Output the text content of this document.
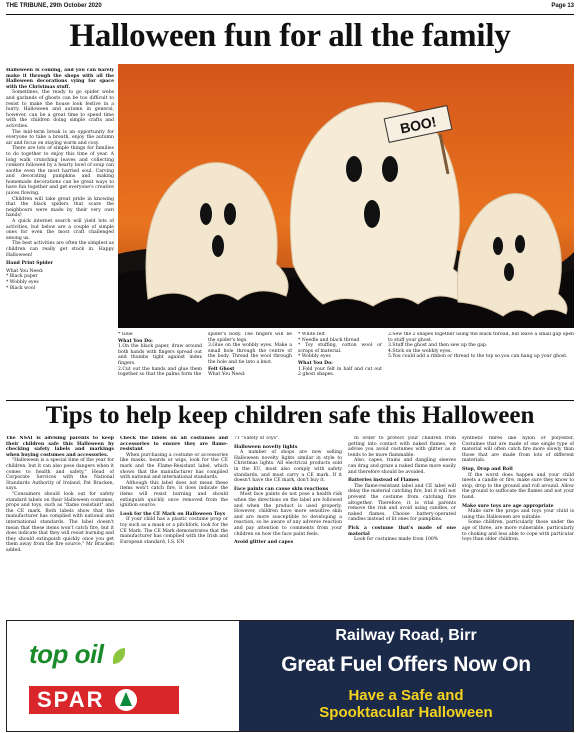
THE TRIBUNE, 29th October 2020	Page 13
Halloween fun for all the family

Halloween is coming, and you can barely make it through the shops with all the Halloween decorations vying for space with the Christmas stuff.

Sometimes, the ready to go spider webs and garlands of ghosts can be too difficult to resist to make the house look festive in a hurry. Halloween and autumn in general, however, can be a great time to spend time with the children doing simple crafts and activities.

The mid-term break is an opportunity for everyone to take a breath, enjoy the autumn air and focus on staying warm and cosy.

There are lots of simple things for families to do together to enjoy this time of year. A long walk crunching leaves and collecting conkers followed by a hearty bowl of soup can soothe even the most harried soul. Carving and decorating pumpkins and making homemade decorations can be great ways to have fun together and get everyone's creative juices flowing.

Children will take great pride in knowing that the black spiders that scare the neighbours were made by their very own hands!

A quick internet search will yield lots of activities, but below are a couple of simple ones for even the most craft challenged among us.

The best activities are often the simplest as children can really get stuck in. Happy Halloween!

Hand Print Spider

What You Need:

* Black paper

* Wobbly eyes

* Black wool

BOO!

* Glue

What You Do:

1.On the black paper, draw around both hands with fingers spread out and thumbs tight against index fingers.

2.Cut out the hands and glue them together so that the palms form the

spider's body. The fingers will be the spider's legs.

3.Glue on the wobbly eyes. Make a small hole through the centre of the body. Thread the wool through the hole and tie into a knot.

Felt Ghost

What You Need:

* White felt

* Needle and black thread

* Toy stuffing, cotton wool or scraps of material.

* Wobbly eyes

What You Do:

1.Fold your felt in half and cut out 2 ghost shapes.

2.Sew the 2 shapes together using the black thread, but leave a small gap open to stuff your ghost.

3.Stuff the ghost and then sew up the gap.

4.Stick on the wobbly eyes.

5.You could add a ribbon or thread to the top so you can hang up your ghost.

Tips to help keep children safe this Halloween

The NSAI is advising parents to keep their children safe this Halloween by checking safety labels and markings when buying costumes and accessories.

"Halloween is a special time of the year for children, but it can also pose dangers when it comes to health and safety," Head of Corporate Services with the National Standards Authority of Ireland, Pat Bracken, says.

"Consumers should look out for safety standard labels on their Halloween costumes, props and toys, such as "flame resistant" and the CE mark. Both labels show that the manufacturer has complied with national and international standards. The label doesn't mean that these items won't catch fire, but it does indicate that they will resist burning and they should extinguish quickly once you get them away from the fire source," Mr Bracken added.

Check the labels on all costumes and accessories to ensure they are flame-resistant

When purchasing a costume or accessories like masks, beards or wigs, look for the CE mark and the Flame-Resistant label, which shows that the manufacturer has complied with national and international standards.

Although this label does not mean these items won't catch fire, it does indicate the items will resist burning and should extinguish quickly once removed from the ignition source.

Look for the CE Mark on Halloween Toys

If your child has a plastic costume prop or toy such as a mask or a pitchfork, look for the CE Mark. The CE Mark demonstrates that the manufacturer has complied with the Irish and European standard, I.S. EN

71 "Safety of Toys".

Halloween novelty lights

A number of shops are now selling Halloween novelty lights similar in style to Christmas lights. All electrical products sold in the EU, must also comply with safety standards, and must carry a CE mark. If it doesn't have the CE mark, don't buy it.

Face paints can cause skin reactions

Most face paints do not pose a health risk when the directions on the label are followed and when the product is used properly. However, children have more sensitive skin and are more susceptible to developing a reaction, so be aware of any adverse reaction and pay attention to comments from your children on how the face paint feels.

Avoid glitter and capes

In order to protect your children from getting into contact with naked flames, we advise you avoid costumes with glitter as it tends to be more flammable.

Also, capes, trains and dangling sleeves can drag and graze a naked flame more easily and therefore should be avoided.

Batteries instead of Flames

The flame-resistant label and CE label will delay the material catching fire, but it will not prevent the costume from catching fire altogether. Therefore, it is vital parents remove the risk and avoid using candles, or naked flames. Choose battery-operated candles instead of lit ones for pumpkins.

Pick a costume that's made of one material

Look for costumes made from 100%

synthetic fibres like nylon or polyester. Costumes that are made of one single type of material will often catch fire more slowly than those that are made from lots of different materials.

Stop, Drop and Roll

If the worst does happen and your child meets a candle or fire, make sure they know to stop, drop to the ground and roll around. Allow the ground to suffocate the flames and not your hand.

Make sure toys are age appropriate

Make sure the props and toys your child is using this Halloween are suitable.

Some children, particularly those under the age of three, are more vulnerable, particularly to choking and less able to cope with particular toys than older children.

top oil
SPAR
Railway Road, Birr
Great Fuel Offers Now On
Have a Safe and
Spooktacular Halloween
